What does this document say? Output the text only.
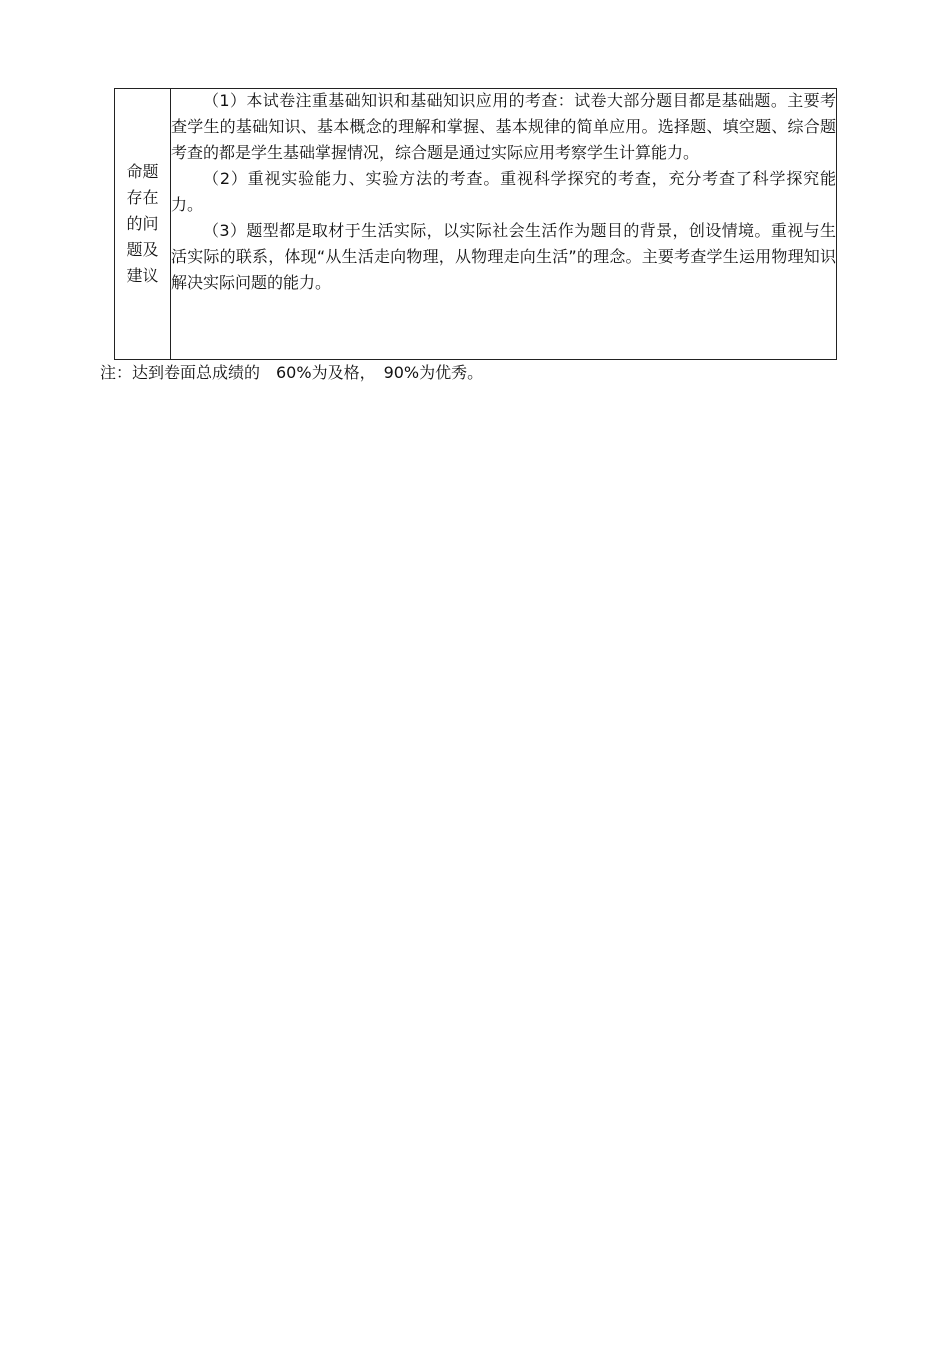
命题存在的问题及建议	

（1）本试卷注重基础知识和基础知识应用的考查：试卷大部分题目都是基础题。主要考查学生的基础知识、基本概念的理解和掌握、基本规律的简单应用。选择题、填空题、综合题考查的都是学生基础掌握情况，综合题是通过实际应用考察学生计算能力。

（2）重视实验能力、实验方法的考查。重视科学探究的考查，充分考查了科学探究能力。

（3）题型都是取材于生活实际，以实际社会生活作为题目的背景，创设情境。重视与生活实际的联系，体现“从生活走向物理，从物理走向生活”的理念。主要考查学生运用物理知识解决实际问题的能力。

注：达到卷面总成绩的　60%为及格，　90%为优秀。
